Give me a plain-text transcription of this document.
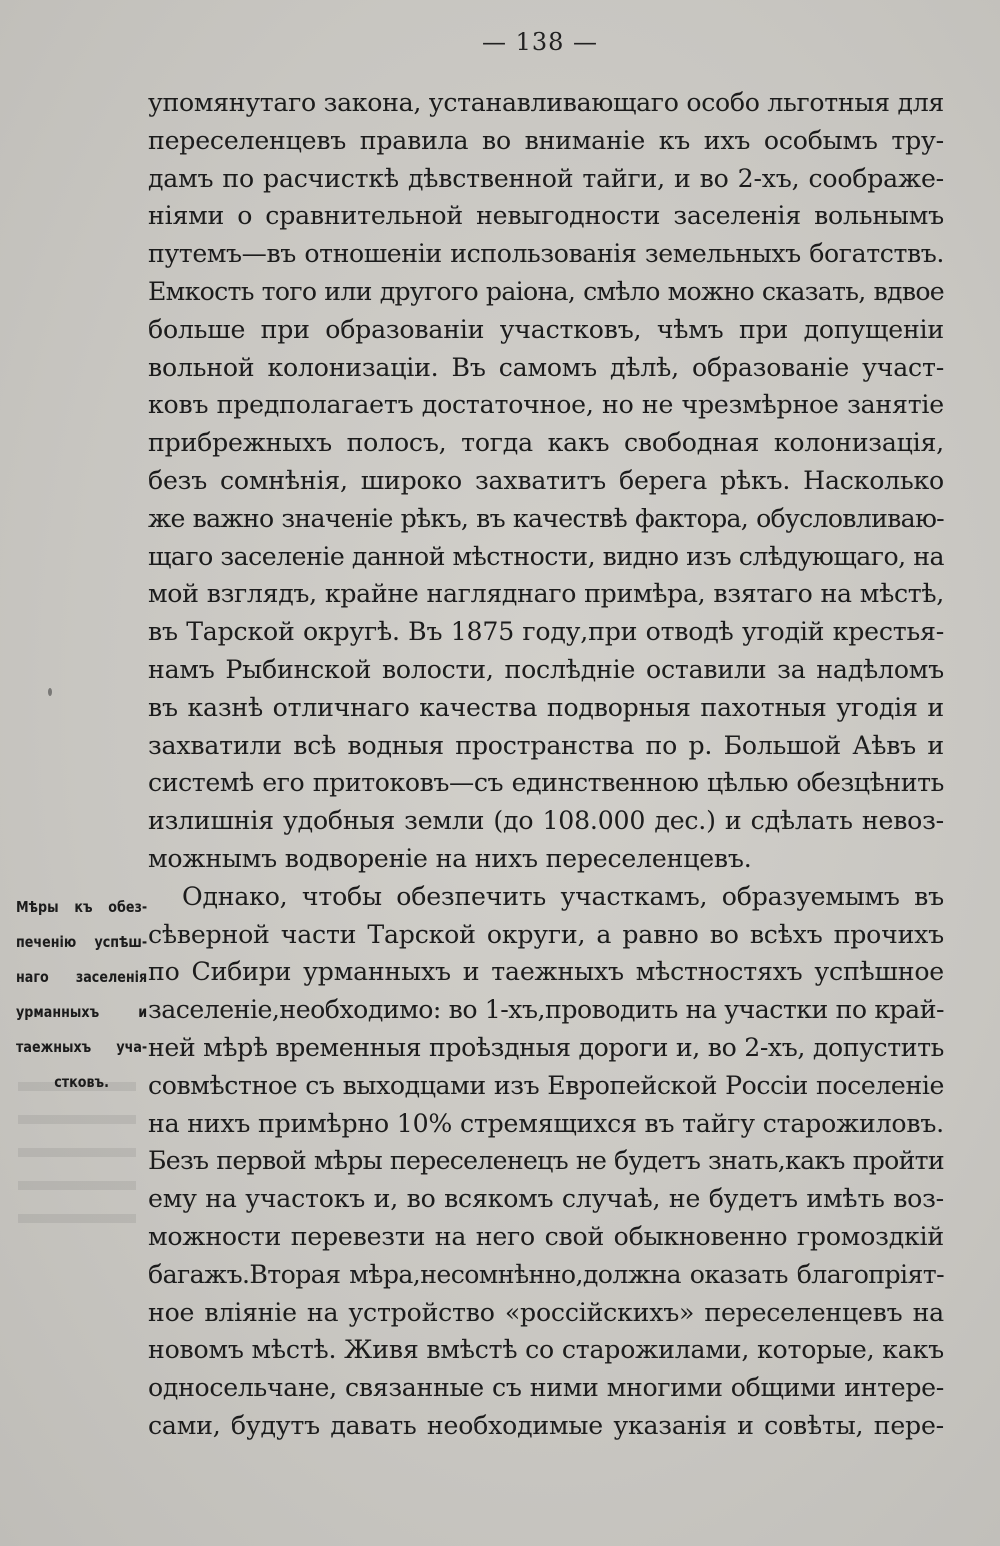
— 138 —
Мѣры къ обез-
печенію успѣш-
наго заселенія
урманныхъ и
таежныхъ уча-
стковъ.
упомянутаго закона, устанавливающаго особо льготныя для
переселенцевъ правила во вниманіе къ ихъ особымъ тру-
дамъ по расчисткѣ дѣвственной тайги, и во 2-хъ, соображе-
ніями о сравнительной невыгодности заселенія вольнымъ
путемъ—въ отношеніи использованія земельныхъ богатствъ.
Емкость того или другого раіона, смѣло можно сказать, вдвое
больше при образованіи участковъ, чѣмъ при допущеніи
вольной колонизаціи. Въ самомъ дѣлѣ, образованіе участ-
ковъ предполагаетъ достаточное, но не чрезмѣрное занятіе
прибрежныхъ полосъ, тогда какъ свободная колонизація,
безъ сомнѣнія, широко захватитъ берега рѣкъ. Насколько
же важно значеніе рѣкъ, въ качествѣ фактора, обусловливаю-
щаго заселеніе данной мѣстности, видно изъ слѣдующаго, на
мой взглядъ, крайне нагляднаго примѣра, взятаго на мѣстѣ,
въ Тарской округѣ. Въ 1875 году,при отводѣ угодій крестья-
намъ Рыбинской волости, послѣдніе оставили за надѣломъ
въ казнѣ отличнаго качества подворныя пахотныя угодія и
захватили всѣ водныя пространства по р. Большой Аѣвъ и
системѣ его притоковъ—съ единственною цѣлью обезцѣнить
излишнія удобныя земли (до 108.000 дес.) и сдѣлать невоз-
можнымъ водвореніе на нихъ переселенцевъ.
Однако, чтобы обезпечить участкамъ, образуемымъ въ
сѣверной части Тарской округи, а равно во всѣхъ прочихъ
по Сибири урманныхъ и таежныхъ мѣстностяхъ успѣшное
заселеніе,необходимо: во 1-хъ,проводить на участки по край-
ней мѣрѣ временныя проѣздныя дороги и, во 2-хъ, допустить
совмѣстное съ выходцами изъ Европейской Россіи поселеніе
на нихъ примѣрно 10% стремящихся въ тайгу старожиловъ.
Безъ первой мѣры переселенецъ не будетъ знать,какъ пройти
ему на участокъ и, во всякомъ случаѣ, не будетъ имѣть воз-
можности перевезти на него свой обыкновенно громоздкій
багажъ.Вторая мѣра,несомнѣнно,должна оказать благопріят-
ное вліяніе на устройство «россійскихъ» переселенцевъ на
новомъ мѣстѣ. Живя вмѣстѣ со старожилами, которые, какъ
односельчане, связанные съ ними многими общими интере-
сами, будутъ давать необходимые указанія и совѣты, пере-
